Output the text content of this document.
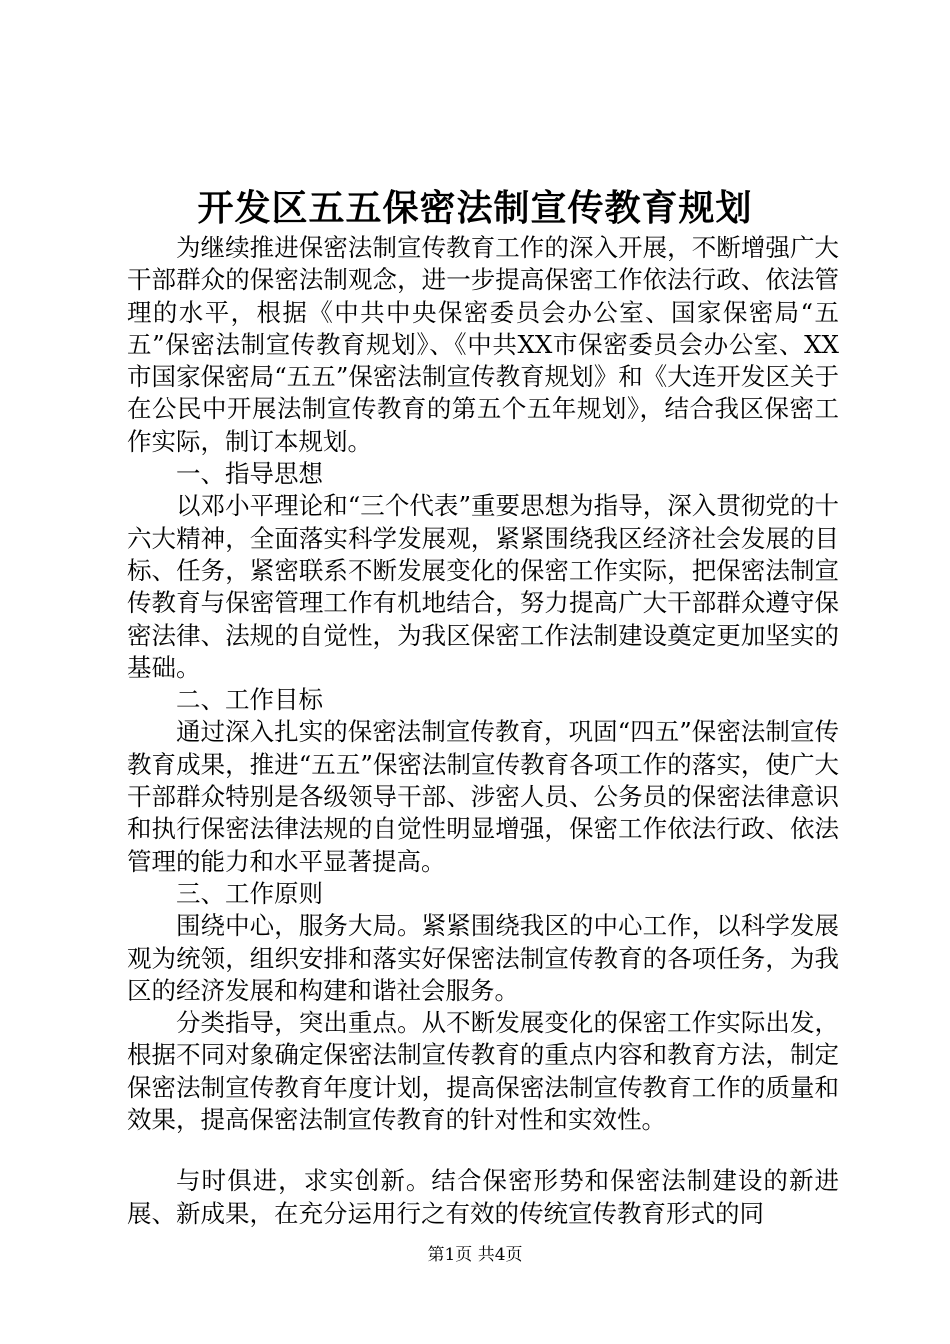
开发区五五保密法制宣传教育规划

为继续推进保密法制宣传教育工作的深入开展，不断增强广大干部群众的保密法制观念，进一步提高保密工作依法行政、依法管理的水平，根据《中共中央保密委员会办公室、国家保密局“五五”保密法制宣传教育规划》、《中共XX市保密委员会办公室、XX市国家保密局“五五”保密法制宣传教育规划》和《大连开发区关于在公民中开展法制宣传教育的第五个五年规划》，结合我区保密工作实际，制订本规划。

一、指导思想

以邓小平理论和“三个代表”重要思想为指导，深入贯彻党的十六大精神，全面落实科学发展观，紧紧围绕我区经济社会发展的目标、任务，紧密联系不断发展变化的保密工作实际，把保密法制宣传教育与保密管理工作有机地结合，努力提高广大干部群众遵守保密法律、法规的自觉性，为我区保密工作法制建设奠定更加坚实的基础。

二、工作目标

通过深入扎实的保密法制宣传教育，巩固“四五”保密法制宣传教育成果，推进“五五”保密法制宣传教育各项工作的落实，使广大干部群众特别是各级领导干部、涉密人员、公务员的保密法律意识和执行保密法律法规的自觉性明显增强，保密工作依法行政、依法管理的能力和水平显著提高。

三、工作原则

围绕中心，服务大局。紧紧围绕我区的中心工作，以科学发展观为统领，组织安排和落实好保密法制宣传教育的各项任务，为我区的经济发展和构建和谐社会服务。

分类指导，突出重点。从不断发展变化的保密工作实际出发，根据不同对象确定保密法制宣传教育的重点内容和教育方法，制定保密法制宣传教育年度计划，提高保密法制宣传教育工作的质量和效果，提高保密法制宣传教育的针对性和实效性。

与时俱进，求实创新。结合保密形势和保密法制建设的新进展、新成果，在充分运用行之有效的传统宣传教育形式的同

第1页 共4页
